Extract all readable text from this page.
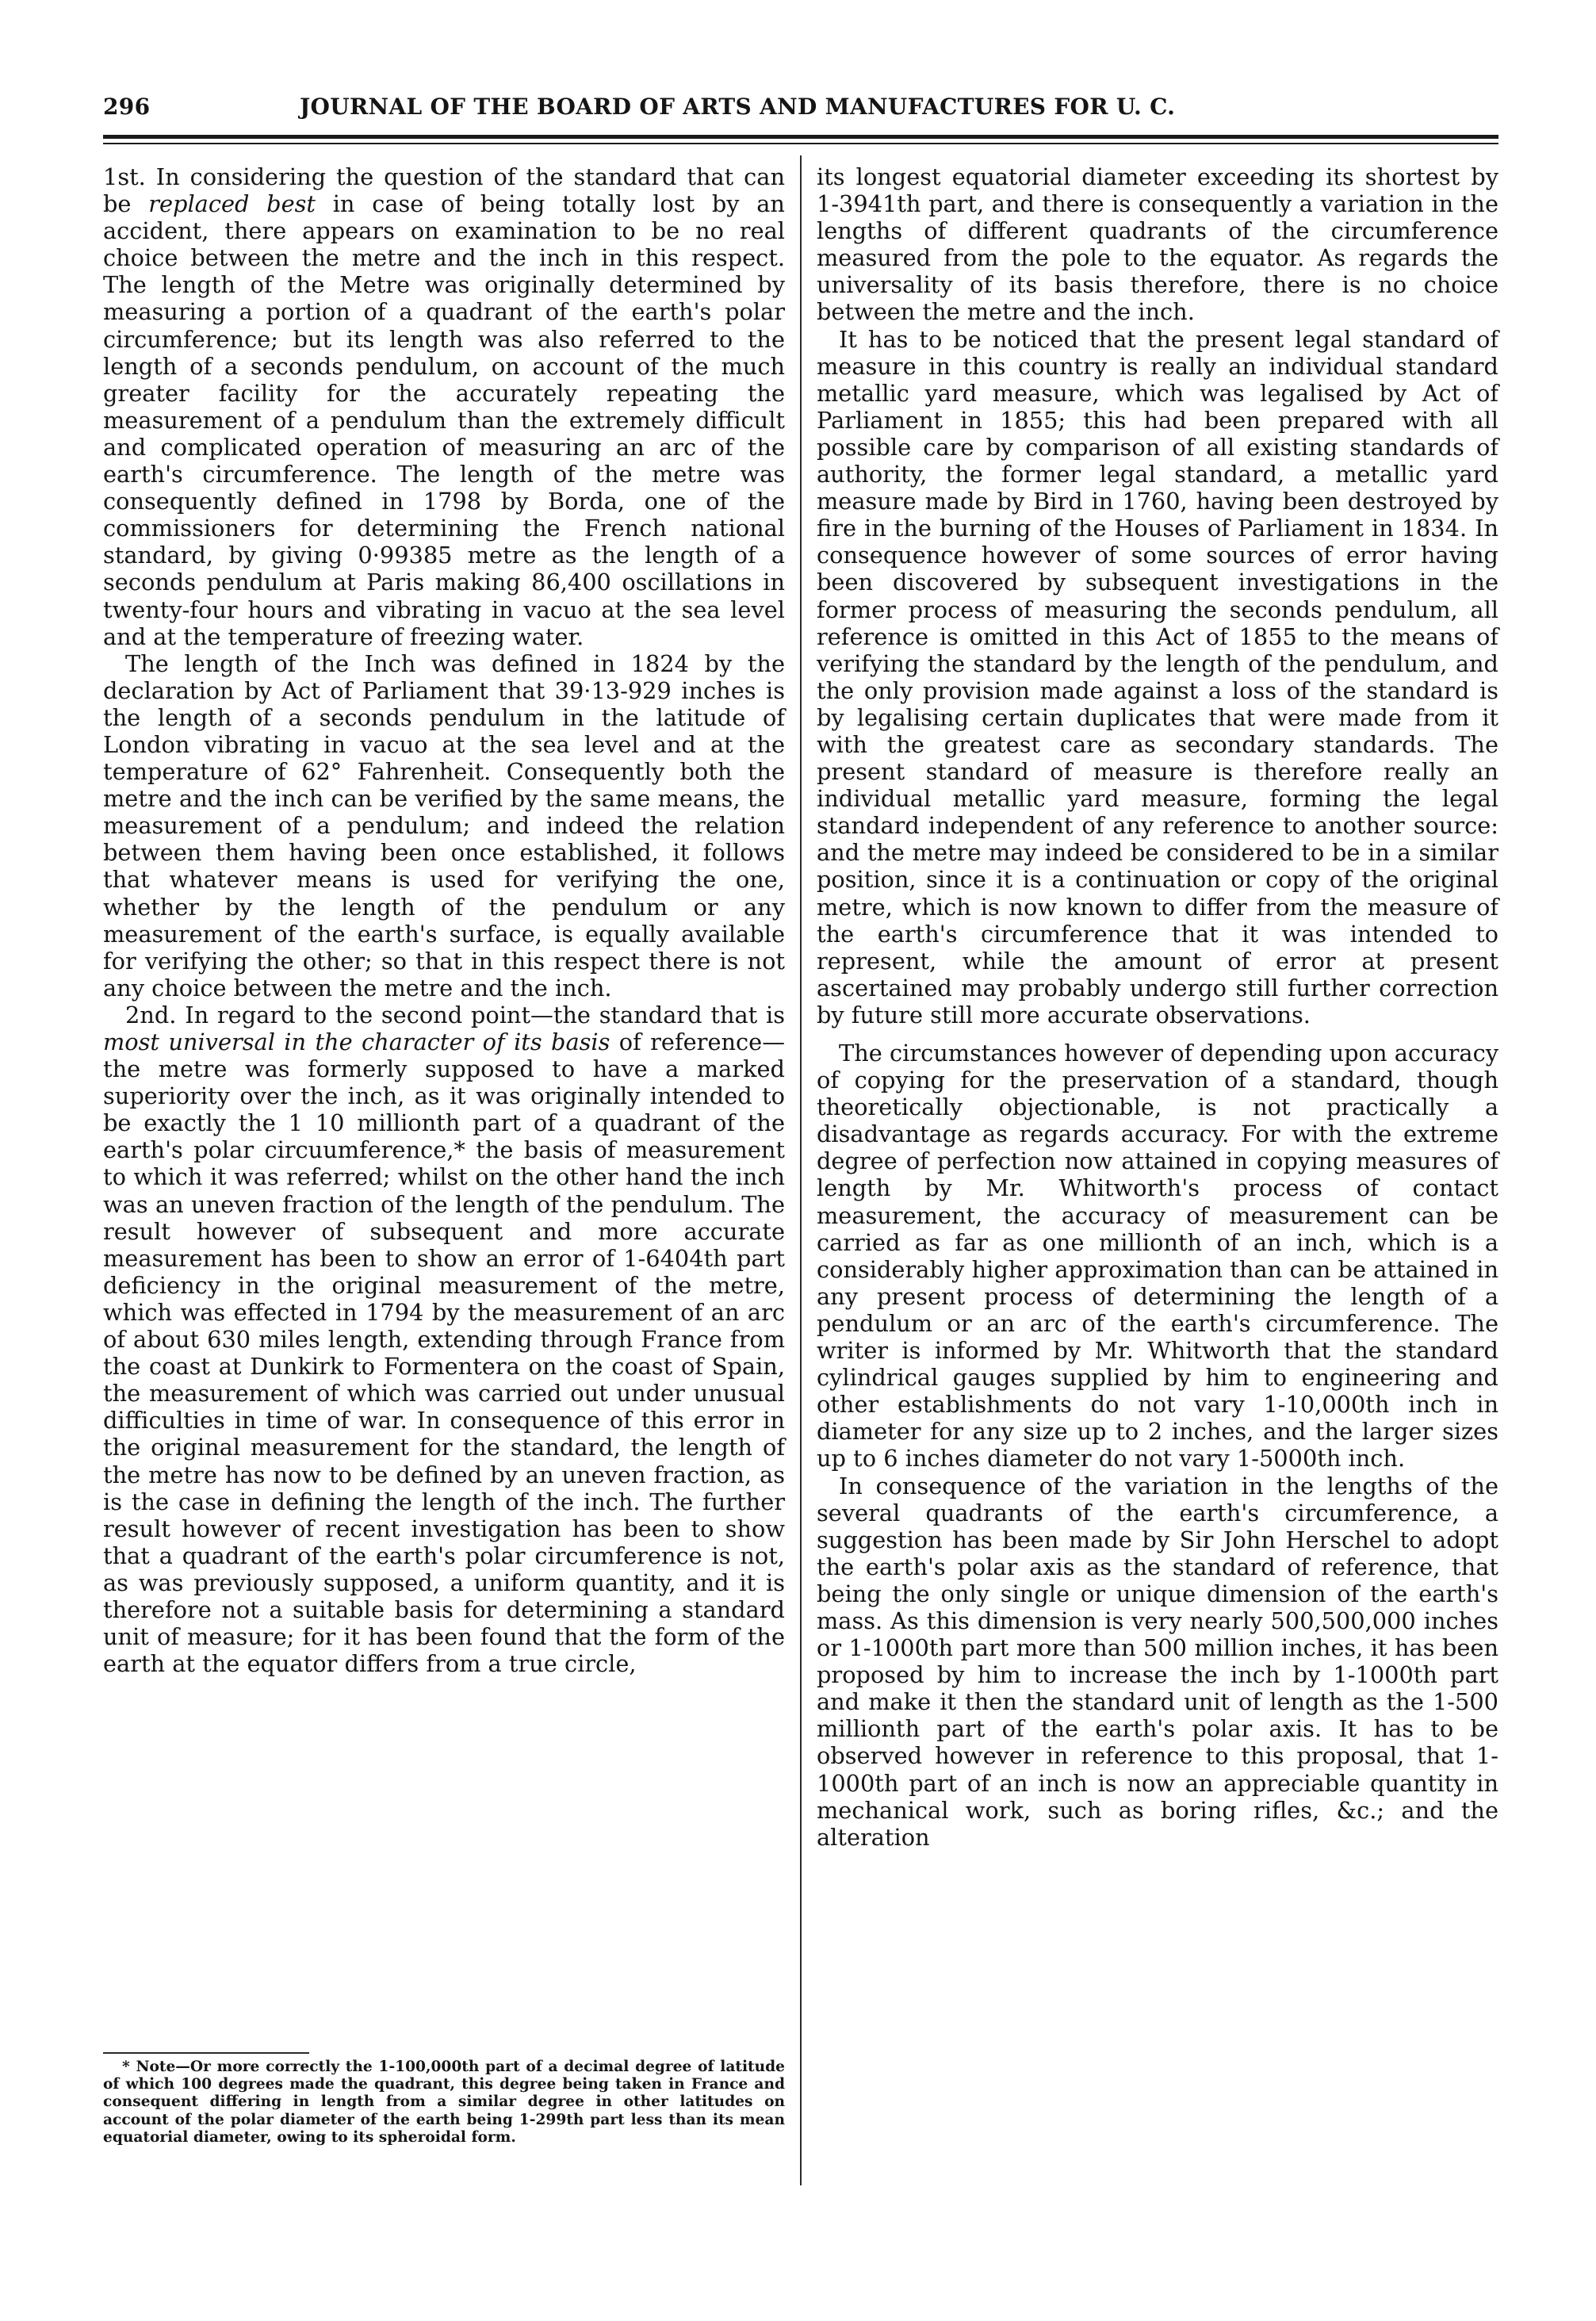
296	JOURNAL OF THE BOARD OF ARTS AND MANUFACTURES FOR U. C.

1st. In considering the question of the standard that can be replaced best in case of being totally lost by an accident, there appears on examination to be no real choice between the metre and the inch in this respect. The length of the Metre was originally determined by measuring a portion of a quadrant of the earth's polar circumference; but its length was also referred to the length of a seconds pendulum, on account of the much greater facility for the accurately repeating the measurement of a pendulum than the extremely difficult and complicated operation of measuring an arc of the earth's circumference. The length of the metre was consequently defined in 1798 by Borda, one of the commissioners for determining the French national standard, by giving 0·99385 metre as the length of a seconds pendulum at Paris making 86,400 oscillations in twenty-four hours and vibrating in vacuo at the sea level and at the temperature of freezing water.

The length of the Inch was defined in 1824 by the declaration by Act of Parliament that 39·13-929 inches is the length of a seconds pendulum in the latitude of London vibrating in vacuo at the sea level and at the temperature of 62° Fahrenheit. Consequently both the metre and the inch can be verified by the same means, the measurement of a pendulum; and indeed the relation between them having been once established, it follows that whatever means is used for verifying the one, whether by the length of the pendulum or any measurement of the earth's surface, is equally available for verifying the other; so that in this respect there is not any choice between the metre and the inch.

2nd. In regard to the second point—the standard that is most universal in the character of its basis of reference—the metre was formerly supposed to have a marked superiority over the inch, as it was originally intended to be exactly the 1 10 millionth part of a quadrant of the earth's polar circuumference,* the basis of measurement to which it was referred; whilst on the other hand the inch was an uneven fraction of the length of the pendulum. The result however of subsequent and more accurate measurement has been to show an error of 1-6404th part deficiency in the original measurement of the metre, which was effected in 1794 by the measurement of an arc of about 630 miles length, extending through France from the coast at Dunkirk to Formentera on the coast of Spain, the measurement of which was carried out under unusual difficulties in time of war. In consequence of this error in the original measurement for the standard, the length of the metre has now to be defined by an uneven fraction, as is the case in defining the length of the inch. The further result however of recent investigation has been to show that a quadrant of the earth's polar circumference is not, as was previously supposed, a uniform quantity, and it is therefore not a suitable basis for determining a standard unit of measure; for it has been found that the form of the earth at the equator differs from a true circle,

its longest equatorial diameter exceeding its shortest by 1-3941th part, and there is consequently a variation in the lengths of different quadrants of the circumference measured from the pole to the equator. As regards the universality of its basis therefore, there is no choice between the metre and the inch.

It has to be noticed that the present legal standard of measure in this country is really an individual standard metallic yard measure, which was legalised by Act of Parliament in 1855; this had been prepared with all possible care by comparison of all existing standards of authority, the former legal standard, a metallic yard measure made by Bird in 1760, having been destroyed by fire in the burning of the Houses of Parliament in 1834. In consequence however of some sources of error having been discovered by subsequent investigations in the former process of measuring the seconds pendulum, all reference is omitted in this Act of 1855 to the means of verifying the standard by the length of the pendulum, and the only provision made against a loss of the standard is by legalising certain duplicates that were made from it with the greatest care as secondary standards. The present standard of measure is therefore really an individual metallic yard measure, forming the legal standard independent of any reference to another source: and the metre may indeed be considered to be in a similar position, since it is a continuation or copy of the original metre, which is now known to differ from the measure of the earth's circumference that it was intended to represent, while the amount of error at present ascertained may probably undergo still further correction by future still more accurate observations.

The circumstances however of depending upon accuracy of copying for the preservation of a standard, though theoretically objectionable, is not practically a disadvantage as regards accuracy. For with the extreme degree of perfection now attained in copying measures of length by Mr. Whitworth's process of contact measurement, the accuracy of measurement can be carried as far as one millionth of an inch, which is a considerably higher approximation than can be attained in any present process of determining the length of a pendulum or an arc of the earth's circumference. The writer is informed by Mr. Whitworth that the standard cylindrical gauges supplied by him to engineering and other establishments do not vary 1-10,000th inch in diameter for any size up to 2 inches, and the larger sizes up to 6 inches diameter do not vary 1-5000th inch.

In consequence of the variation in the lengths of the several quadrants of the earth's circumference, a suggestion has been made by Sir John Herschel to adopt the earth's polar axis as the standard of reference, that being the only single or unique dimension of the earth's mass. As this dimension is very nearly 500,500,000 inches or 1-1000th part more than 500 million inches, it has been proposed by him to increase the inch by 1-1000th part and make it then the standard unit of length as the 1-500 millionth part of the earth's polar axis. It has to be observed however in reference to this proposal, that 1-1000th part of an inch is now an appreciable quantity in mechanical work, such as boring rifles, &c.; and the alteration

* Note—Or more correctly the 1-100,000th part of a decimal degree of latitude of which 100 degrees made the quadrant, this degree being taken in France and consequent differing in length from a similar degree in other latitudes on account of the polar diameter of the earth being 1-299th part less than its mean equatorial diameter, owing to its spheroidal form.
